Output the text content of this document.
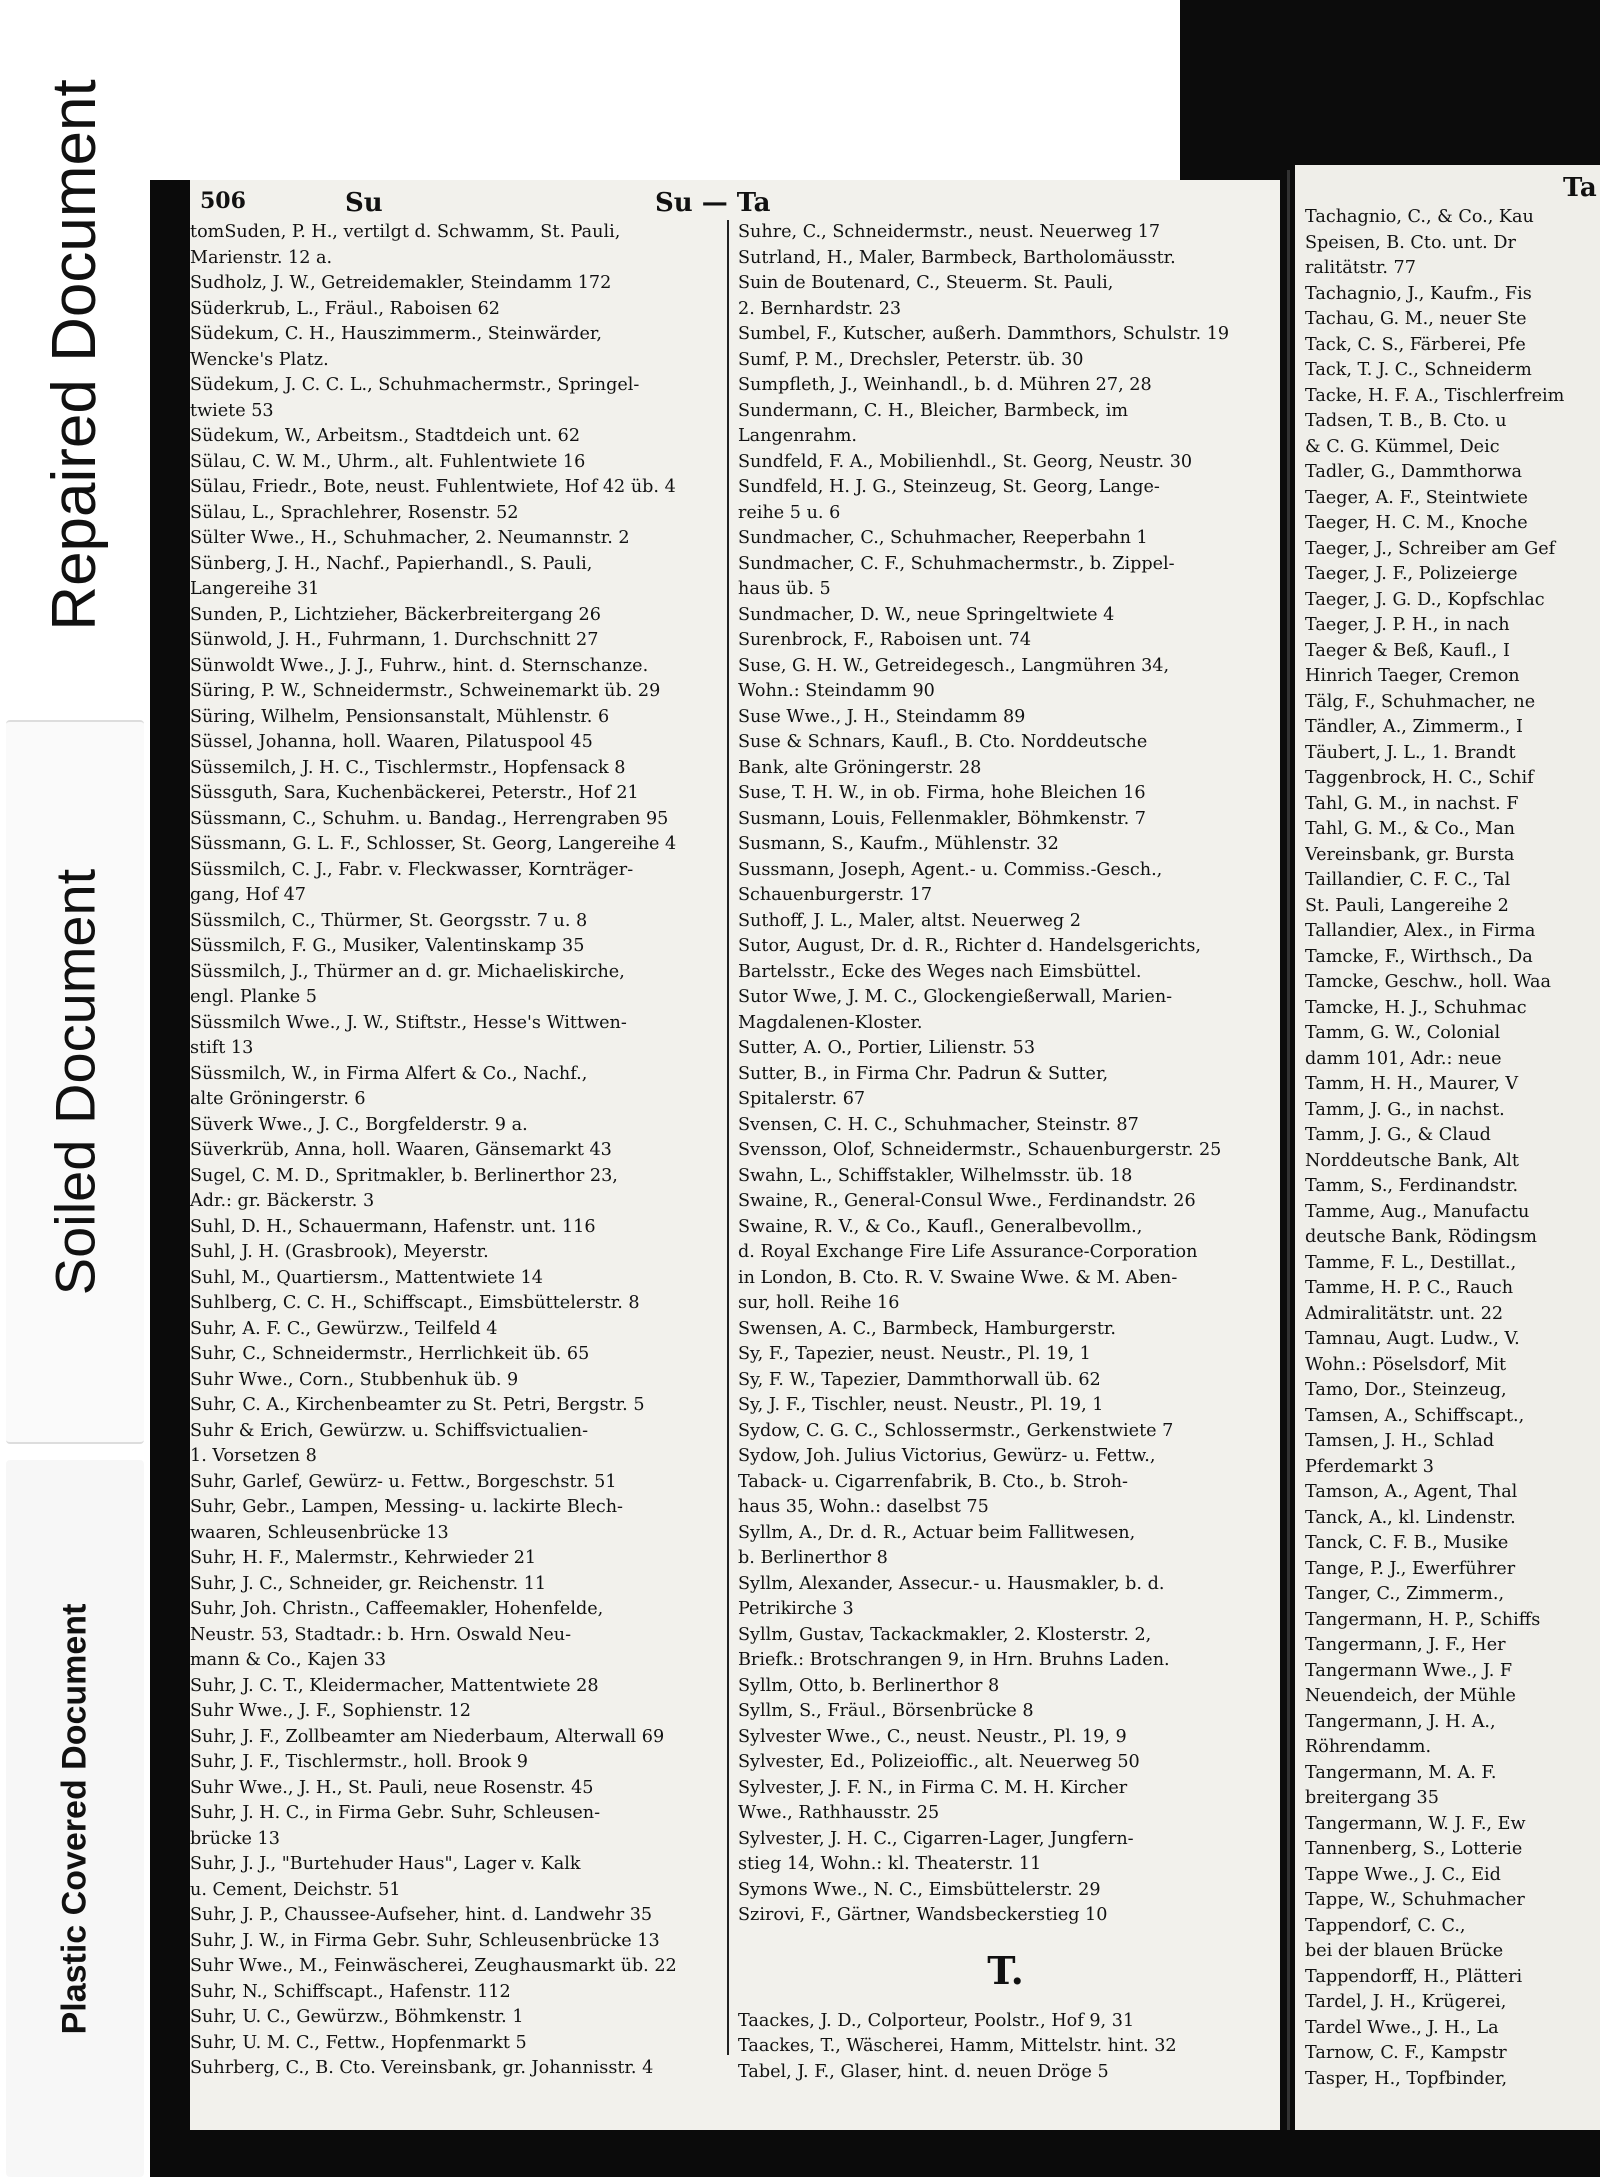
Repaired Document
Soiled Document
Plastic Covered Document
506	Su	Su — Ta
tomSuden, P. H., vertilgt d. Schwamm, St. Pauli,
Marienstr. 12 a.
Sudholz, J. W., Getreidemakler, Steindamm 172
Süderkrub, L., Fräul., Raboisen 62
Südekum, C. H., Hauszimmerm., Steinwärder,
Wencke's Platz.
Südekum, J. C. C. L., Schuhmachermstr., Springel-
twiete 53
Südekum, W., Arbeitsm., Stadtdeich unt. 62
Sülau, C. W. M., Uhrm., alt. Fuhlentwiete 16
Sülau, Friedr., Bote, neust. Fuhlentwiete, Hof 42 üb. 4
Sülau, L., Sprachlehrer, Rosenstr. 52
Sülter Wwe., H., Schuhmacher, 2. Neumannstr. 2
Sünberg, J. H., Nachf., Papierhandl., S. Pauli,
Langereihe 31
Sunden, P., Lichtzieher, Bäckerbreitergang 26
Sünwold, J. H., Fuhrmann, 1. Durchschnitt 27
Sünwoldt Wwe., J. J., Fuhrw., hint. d. Sternschanze.
Süring, P. W., Schneidermstr., Schweinemarkt üb. 29
Süring, Wilhelm, Pensionsanstalt, Mühlenstr. 6
Süssel, Johanna, holl. Waaren, Pilatuspool 45
Süssemilch, J. H. C., Tischlermstr., Hopfensack 8
Süssguth, Sara, Kuchenbäckerei, Peterstr., Hof 21
Süssmann, C., Schuhm. u. Bandag., Herrengraben 95
Süssmann, G. L. F., Schlosser, St. Georg, Langereihe 4
Süssmilch, C. J., Fabr. v. Fleckwasser, Kornträger-
gang, Hof 47
Süssmilch, C., Thürmer, St. Georgsstr. 7 u. 8
Süssmilch, F. G., Musiker, Valentinskamp 35
Süssmilch, J., Thürmer an d. gr. Michaeliskirche,
engl. Planke 5
Süssmilch Wwe., J. W., Stiftstr., Hesse's Wittwen-
stift 13
Süssmilch, W., in Firma Alfert & Co., Nachf.,
alte Gröningerstr. 6
Süverk Wwe., J. C., Borgfelderstr. 9 a.
Süverkrüb, Anna, holl. Waaren, Gänsemarkt 43
Sugel, C. M. D., Spritmakler, b. Berlinerthor 23,
Adr.: gr. Bäckerstr. 3
Suhl, D. H., Schauermann, Hafenstr. unt. 116
Suhl, J. H. (Grasbrook), Meyerstr.
Suhl, M., Quartiersm., Mattentwiete 14
Suhlberg, C. C. H., Schiffscapt., Eimsbüttelerstr. 8
Suhr, A. F. C., Gewürzw., Teilfeld 4
Suhr, C., Schneidermstr., Herrlichkeit üb. 65
Suhr Wwe., Corn., Stubbenhuk üb. 9
Suhr, C. A., Kirchenbeamter zu St. Petri, Bergstr. 5
Suhr & Erich, Gewürzw. u. Schiffsvictualien-
1. Vorsetzen 8
Suhr, Garlef, Gewürz- u. Fettw., Borgeschstr. 51
Suhr, Gebr., Lampen, Messing- u. lackirte Blech-
waaren, Schleusenbrücke 13
Suhr, H. F., Malermstr., Kehrwieder 21
Suhr, J. C., Schneider, gr. Reichenstr. 11
Suhr, Joh. Christn., Caffeemakler, Hohenfelde,
Neustr. 53, Stadtadr.: b. Hrn. Oswald Neu-
mann & Co., Kajen 33
Suhr, J. C. T., Kleidermacher, Mattentwiete 28
Suhr Wwe., J. F., Sophienstr. 12
Suhr, J. F., Zollbeamter am Niederbaum, Alterwall 69
Suhr, J. F., Tischlermstr., holl. Brook 9
Suhr Wwe., J. H., St. Pauli, neue Rosenstr. 45
Suhr, J. H. C., in Firma Gebr. Suhr, Schleusen-
brücke 13
Suhr, J. J., "Burtehuder Haus", Lager v. Kalk
u. Cement, Deichstr. 51
Suhr, J. P., Chaussee-Aufseher, hint. d. Landwehr 35
Suhr, J. W., in Firma Gebr. Suhr, Schleusenbrücke 13
Suhr Wwe., M., Feinwäscherei, Zeughausmarkt üb. 22
Suhr, N., Schiffscapt., Hafenstr. 112
Suhr, U. C., Gewürzw., Böhmkenstr. 1
Suhr, U. M. C., Fettw., Hopfenmarkt 5
Suhrberg, C., B. Cto. Vereinsbank, gr. Johannisstr. 4
Suhre, C., Schneidermstr., neust. Neuerweg 17
Sutrland, H., Maler, Barmbeck, Bartholomäusstr.
Suin de Boutenard, C., Steuerm. St. Pauli,
2. Bernhardstr. 23
Sumbel, F., Kutscher, außerh. Dammthors, Schulstr. 19
Sumf, P. M., Drechsler, Peterstr. üb. 30
Sumpfleth, J., Weinhandl., b. d. Mühren 27, 28
Sundermann, C. H., Bleicher, Barmbeck, im
Langenrahm.
Sundfeld, F. A., Mobilienhdl., St. Georg, Neustr. 30
Sundfeld, H. J. G., Steinzeug, St. Georg, Lange-
reihe 5 u. 6
Sundmacher, C., Schuhmacher, Reeperbahn 1
Sundmacher, C. F., Schuhmachermstr., b. Zippel-
haus üb. 5
Sundmacher, D. W., neue Springeltwiete 4
Surenbrock, F., Raboisen unt. 74
Suse, G. H. W., Getreidegesch., Langmühren 34,
Wohn.: Steindamm 90
Suse Wwe., J. H., Steindamm 89
Suse & Schnars, Kaufl., B. Cto. Norddeutsche
Bank, alte Gröningerstr. 28
Suse, T. H. W., in ob. Firma, hohe Bleichen 16
Susmann, Louis, Fellenmakler, Böhmkenstr. 7
Susmann, S., Kaufm., Mühlenstr. 32
Sussmann, Joseph, Agent.- u. Commiss.-Gesch.,
Schauenburgerstr. 17
Suthoff, J. L., Maler, altst. Neuerweg 2
Sutor, August, Dr. d. R., Richter d. Handelsgerichts,
Bartelsstr., Ecke des Weges nach Eimsbüttel.
Sutor Wwe, J. M. C., Glockengießerwall, Marien-
Magdalenen-Kloster.
Sutter, A. O., Portier, Lilienstr. 53
Sutter, B., in Firma Chr. Padrun & Sutter,
Spitalerstr. 67
Svensen, C. H. C., Schuhmacher, Steinstr. 87
Svensson, Olof, Schneidermstr., Schauenburgerstr. 25
Swahn, L., Schiffstakler, Wilhelmsstr. üb. 18
Swaine, R., General-Consul Wwe., Ferdinandstr. 26
Swaine, R. V., & Co., Kaufl., Generalbevollm.,
d. Royal Exchange Fire Life Assurance-Corporation
in London, B. Cto. R. V. Swaine Wwe. & M. Aben-
sur, holl. Reihe 16
Swensen, A. C., Barmbeck, Hamburgerstr.
Sy, F., Tapezier, neust. Neustr., Pl. 19, 1
Sy, F. W., Tapezier, Dammthorwall üb. 62
Sy, J. F., Tischler, neust. Neustr., Pl. 19, 1
Sydow, C. G. C., Schlossermstr., Gerkenstwiete 7
Sydow, Joh. Julius Victorius, Gewürz- u. Fettw.,
Taback- u. Cigarrenfabrik, B. Cto., b. Stroh-
haus 35, Wohn.: daselbst 75
Syllm, A., Dr. d. R., Actuar beim Fallitwesen,
b. Berlinerthor 8
Syllm, Alexander, Assecur.- u. Hausmakler, b. d.
Petrikirche 3
Syllm, Gustav, Tackackmakler, 2. Klosterstr. 2,
Briefk.: Brotschrangen 9, in Hrn. Bruhns Laden.
Syllm, Otto, b. Berlinerthor 8
Syllm, S., Fräul., Börsenbrücke 8
Sylvester Wwe., C., neust. Neustr., Pl. 19, 9
Sylvester, Ed., Polizeioffic., alt. Neuerweg 50
Sylvester, J. F. N., in Firma C. M. H. Kircher
Wwe., Rathhausstr. 25
Sylvester, J. H. C., Cigarren-Lager, Jungfern-
stieg 14, Wohn.: kl. Theaterstr. 11
Symons Wwe., N. C., Eimsbüttelerstr. 29
Szirovi, F., Gärtner, Wandsbeckerstieg 10
T.
Taackes, J. D., Colporteur, Poolstr., Hof 9, 31
Taackes, T., Wäscherei, Hamm, Mittelstr. hint. 32
Tabel, J. F., Glaser, hint. d. neuen Dröge 5
Ta
Tachagnio, C., & Co., Kau
Speisen, B. Cto. unt. Dr
ralitätstr. 77
Tachagnio, J., Kaufm., Fis
Tachau, G. M., neuer Ste
Tack, C. S., Färberei, Pfe
Tack, T. J. C., Schneiderm
Tacke, H. F. A., Tischlerfreim
Tadsen, T. B., B. Cto. u
& C. G. Kümmel, Deic
Tadler, G., Dammthorwa
Taeger, A. F., Steintwiete
Taeger, H. C. M., Knoche
Taeger, J., Schreiber am Gef
Taeger, J. F., Polizeierge
Taeger, J. G. D., Kopfschlac
Taeger, J. P. H., in nach
Taeger & Beß, Kaufl., I
Hinrich Taeger, Cremon
Tälg, F., Schuhmacher, ne
Tändler, A., Zimmerm., I
Täubert, J. L., 1. Brandt
Taggenbrock, H. C., Schif
Tahl, G. M., in nachst. F
Tahl, G. M., & Co., Man
Vereinsbank, gr. Bursta
Taillandier, C. F. C., Tal
St. Pauli, Langereihe 2
Tallandier, Alex., in Firma
Tamcke, F., Wirthsch., Da
Tamcke, Geschw., holl. Waa
Tamcke, H. J., Schuhmac
Tamm, G. W., Colonial
damm 101, Adr.: neue
Tamm, H. H., Maurer, V
Tamm, J. G., in nachst.
Tamm, J. G., & Claud
Norddeutsche Bank, Alt
Tamm, S., Ferdinandstr.
Tamme, Aug., Manufactu
deutsche Bank, Rödingsm
Tamme, F. L., Destillat.,
Tamme, H. P. C., Rauch
Admiralitätstr. unt. 22
Tamnau, Augt. Ludw., V.
Wohn.: Pöselsdorf, Mit
Tamo, Dor., Steinzeug,
Tamsen, A., Schiffscapt.,
Tamsen, J. H., Schlad
Pferdemarkt 3
Tamson, A., Agent, Thal
Tanck, A., kl. Lindenstr.
Tanck, C. F. B., Musike
Tange, P. J., Ewerführer
Tanger, C., Zimmerm.,
Tangermann, H. P., Schiffs
Tangermann, J. F., Her
Tangermann Wwe., J. F
Neuendeich, der Mühle
Tangermann, J. H. A.,
Röhrendamm.
Tangermann, M. A. F.
breitergang 35
Tangermann, W. J. F., Ew
Tannenberg, S., Lotterie
Tappe Wwe., J. C., Eid
Tappe, W., Schuhmacher
Tappendorf, C. C.,
bei der blauen Brücke
Tappendorff, H., Plätteri
Tardel, J. H., Krügerei,
Tardel Wwe., J. H., La
Tarnow, C. F., Kampstr
Tasper, H., Topfbinder,
